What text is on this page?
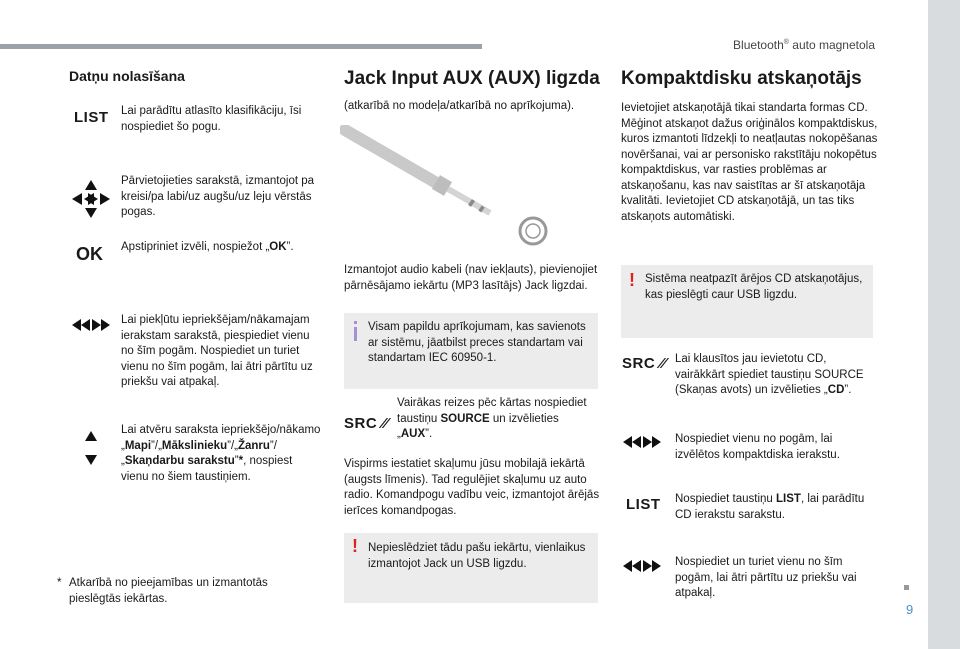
Bluetooth® auto magnetola
9
Datņu nolasīšana
LIST Lai parādītu atlasīto klasifikāciju, īsi nospiediet šo pogu.
Pārvietojieties sarakstā, izmantojot pa kreisi/pa labi/uz augšu/uz leju vērstās pogas.
OK Apstipriniet izvēli, nospiežot „OK”.
Lai piekļūtu iepriekšējam/nākamajam ierakstam sarakstā, piespiediet vienu no šīm pogām. Nospiediet un turiet vienu no šīm pogām, lai ātri pārtītu uz priekšu vai atpakaļ.
Lai atvēru saraksta iepriekšējo/nākamo „Mapi”/„Mākslinieku”/„Žanru”/„Skaņdarbu sarakstu”*, nospiest vienu no šiem taustiņiem.
* Atkarībā no pieejamības un izmantotās pieslēgtās iekārtas.
Jack Input AUX (AUX) ligzda
(atkarībā no modeļa/atkarībā no aprīkojuma).
Izmantojot audio kabeli (nav iekļauts), pievienojiet pārnēsājamo iekārtu (MP3 lasītājs) Jack ligzdai.
Visam papildu aprīkojumam, kas savienots ar sistēmu, jāatbilst preces standartam vai standartam IEC 60950-1.
SRC ⁄⁄
Vairākas reizes pēc kārtas nospiediet taustiņu SOURCE un izvēlieties „AUX”.
Vispirms iestatiet skaļumu jūsu mobilajā iekārtā (augsts līmenis). Tad regulējiet skaļumu uz auto radio. Komandpogu vadību veic, izmantojot ārējās ierīces komandpogas.
! Nepieslēdziet tādu pašu iekārtu, vienlaikus izmantojot Jack un USB ligzdu.
Kompaktdisku atskaņotājs
Ievietojiet atskaņotājā tikai standarta formas CD. Mēģinot atskaņot dažus oriģinālos kompaktdiskus, kuros izmantoti līdzekļi to neatļautas nokopēšanas novēršanai, vai ar personisko rakstītāju nokopētus kompaktdiskus, var rasties problēmas ar atskaņošanu, kas nav saistītas ar šī atskaņotāja kvalitāti. Ievietojiet CD atskaņotājā, un tas tiks atskaņots automātiski.
! Sistēma neatpazīt ārējos CD atskaņotājus, kas pieslēgti caur USB ligzdu.
SRC ⁄⁄ Lai klausītos jau ievietotu CD, vairākkārt spiediet taustiņu SOURCE (Skaņas avots) un izvēlieties „CD”.
Nospiediet vienu no pogām, lai izvēlētos kompaktdiska ierakstu.
LIST Nospiediet taustiņu LIST, lai parādītu CD ierakstu sarakstu.
Nospiediet un turiet vienu no šīm pogām, lai ātri pārtītu uz priekšu vai atpakaļ.
